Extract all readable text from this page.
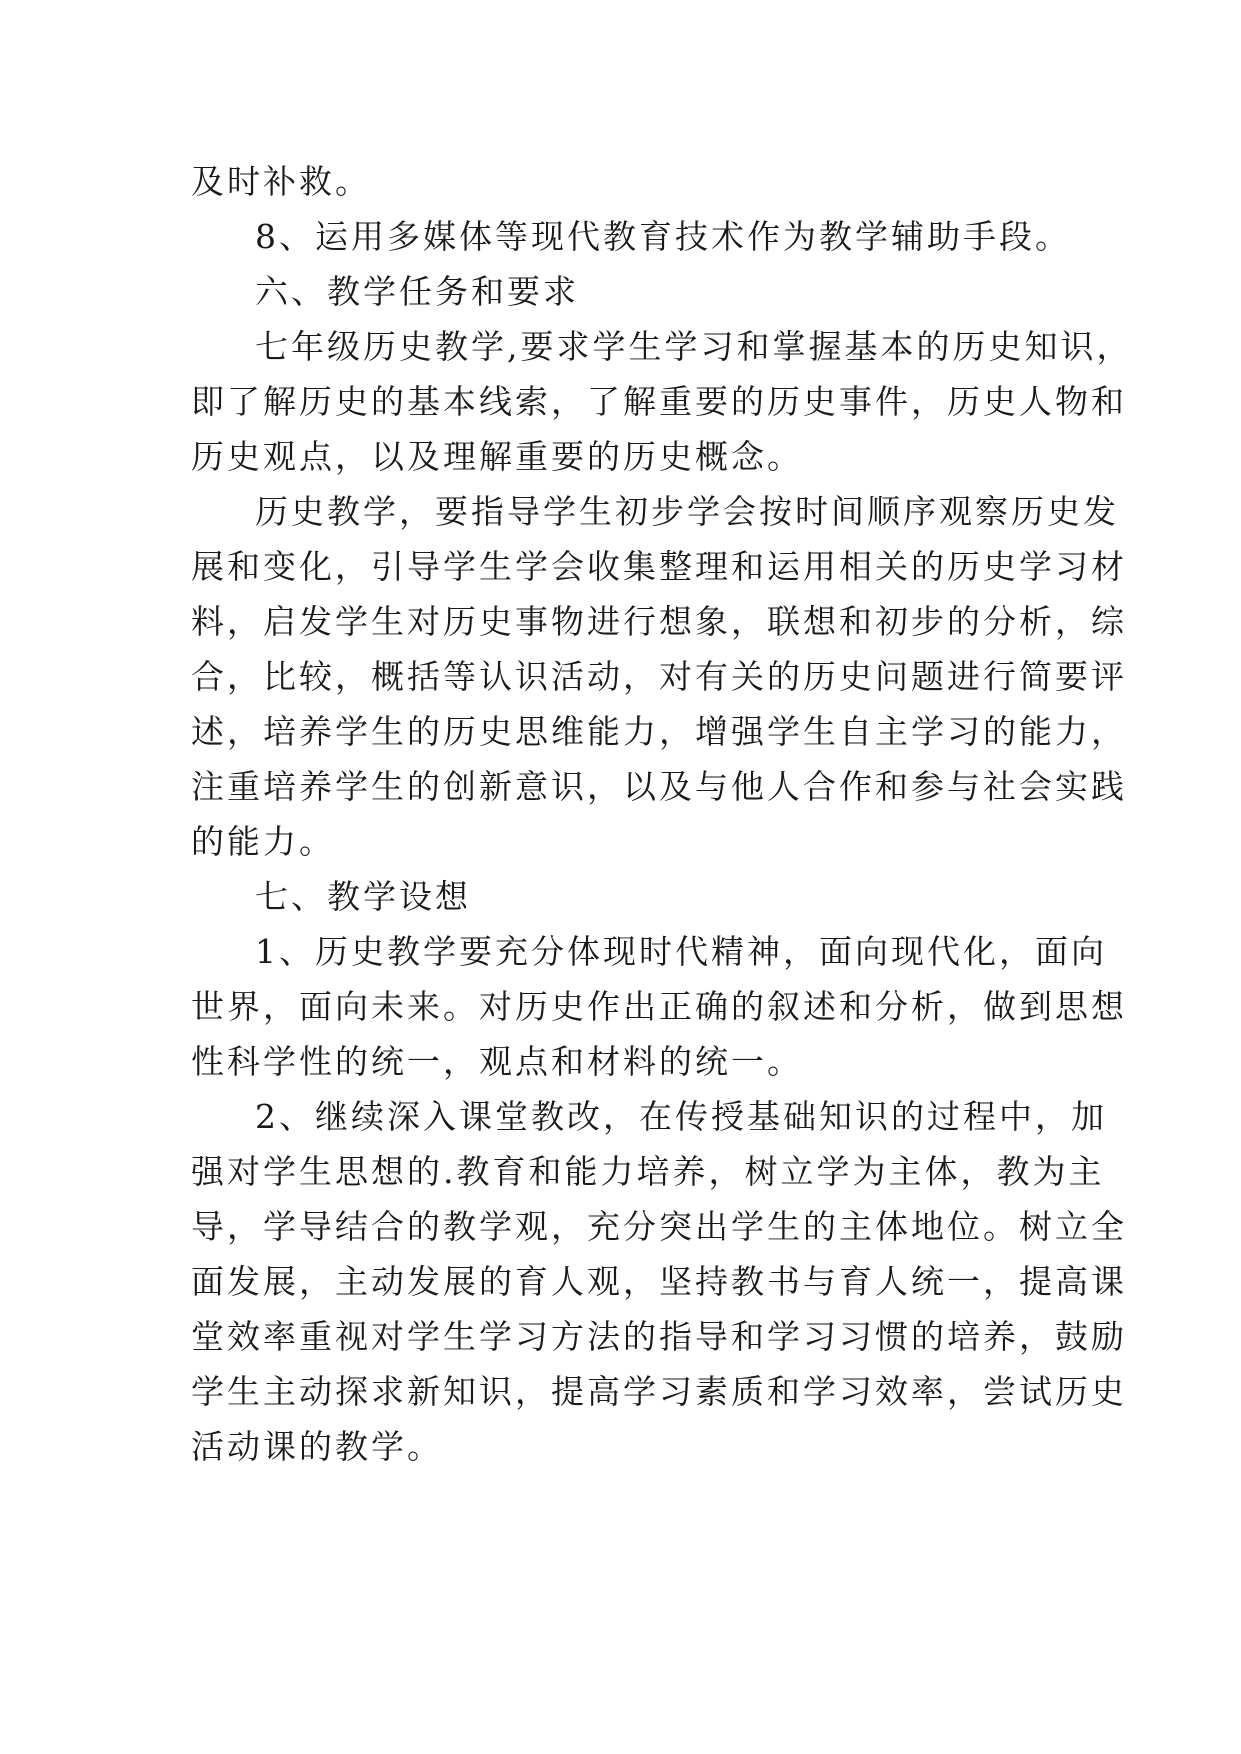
及时补救。

8、运用多媒体等现代教育技术作为教学辅助手段。

六、教学任务和要求

七年级历史教学,要求学生学习和掌握基本的历史知识，
即了解历史的基本线索，了解重要的历史事件，历史人物和
历史观点，以及理解重要的历史概念。

历史教学，要指导学生初步学会按时间顺序观察历史发
展和变化，引导学生学会收集整理和运用相关的历史学习材
料，启发学生对历史事物进行想象，联想和初步的分析，综
合，比较，概括等认识活动，对有关的历史问题进行简要评
述，培养学生的历史思维能力，增强学生自主学习的能力，
注重培养学生的创新意识，以及与他人合作和参与社会实践
的能力。

七、教学设想

1、历史教学要充分体现时代精神，面向现代化，面向
世界，面向未来。对历史作出正确的叙述和分析，做到思想
性科学性的统一，观点和材料的统一。

2、继续深入课堂教改，在传授基础知识的过程中，加
强对学生思想的.教育和能力培养，树立学为主体，教为主
导，学导结合的教学观，充分突出学生的主体地位。树立全
面发展，主动发展的育人观，坚持教书与育人统一，提高课
堂效率重视对学生学习方法的指导和学习习惯的培养，鼓励
学生主动探求新知识，提高学习素质和学习效率，尝试历史
活动课的教学。
